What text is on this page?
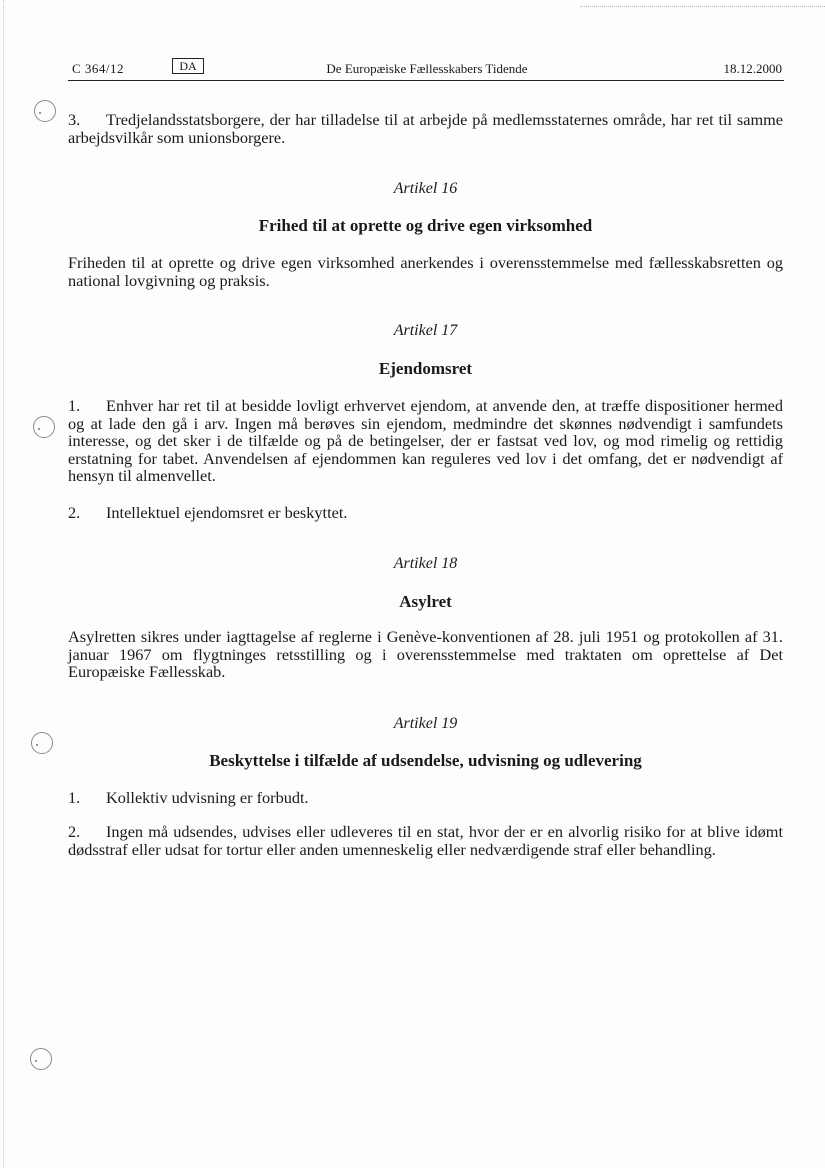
C 364/12	DA	De Europæiske Fællesskabers Tidende	18.12.2000

3. Tredjelandsstatsborgere, der har tilladelse til at arbejde på medlemsstaternes område, har ret til samme arbejdsvilkår som unionsborgere.

Artikel 16

Frihed til at oprette og drive egen virksomhed

Friheden til at oprette og drive egen virksomhed anerkendes i overensstemmelse med fællesskabsretten og national lovgivning og praksis.

Artikel 17

Ejendomsret

1. Enhver har ret til at besidde lovligt erhvervet ejendom, at anvende den, at træffe dispositioner hermed og at lade den gå i arv. Ingen må berøves sin ejendom, medmindre det skønnes nødvendigt i samfundets interesse, og det sker i de tilfælde og på de betingelser, der er fastsat ved lov, og mod rimelig og rettidig erstatning for tabet. Anvendelsen af ejendommen kan reguleres ved lov i det omfang, det er nødvendigt af hensyn til almenvellet.

2. Intellektuel ejendomsret er beskyttet.

Artikel 18

Asylret

Asylretten sikres under iagttagelse af reglerne i Genève-konventionen af 28. juli 1951 og protokollen af 31. januar 1967 om flygtninges retsstilling og i overensstemmelse med traktaten om oprettelse af Det Europæiske Fællesskab.

Artikel 19

Beskyttelse i tilfælde af udsendelse, udvisning og udlevering

1. Kollektiv udvisning er forbudt.

2. Ingen må udsendes, udvises eller udleveres til en stat, hvor der er en alvorlig risiko for at blive idømt dødsstraf eller udsat for tortur eller anden umenneskelig eller nedværdigende straf eller behandling.
